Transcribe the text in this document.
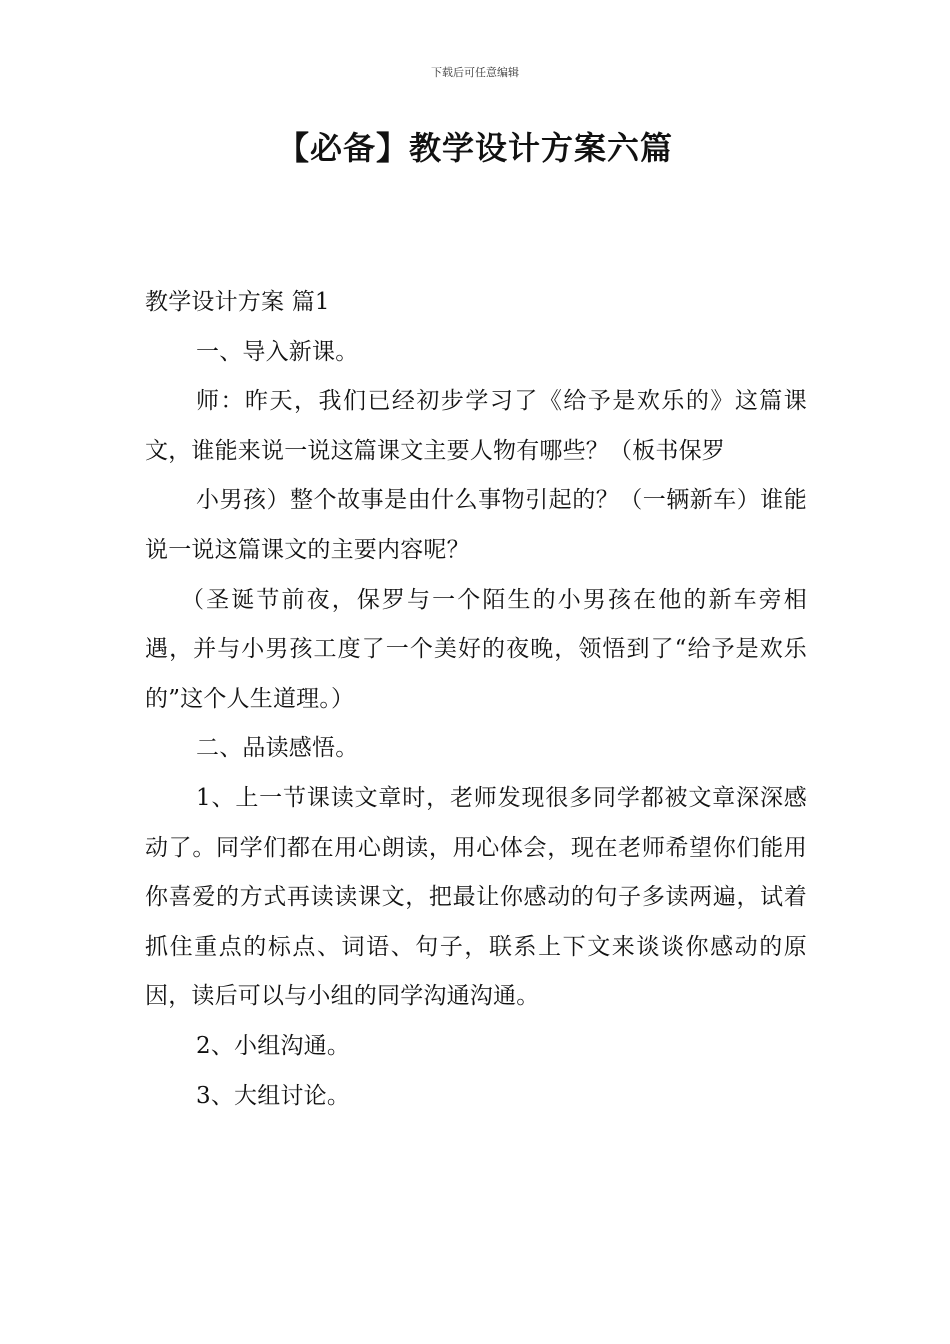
下载后可任意编辑
【必备】教学设计方案六篇

教学设计方案 篇1

一、导入新课。

师：昨天，我们已经初步学习了《给予是欢乐的》这篇课文，谁能来说一说这篇课文主要人物有哪些？（板书保罗

小男孩）整个故事是由什么事物引起的？（一辆新车）谁能说一说这篇课文的主要内容呢？

（圣诞节前夜，保罗与一个陌生的小男孩在他的新车旁相遇，并与小男孩工度了一个美好的夜晚，领悟到了“给予是欢乐的”这个人生道理。）

二、品读感悟。

1、上一节课读文章时，老师发现很多同学都被文章深深感动了。同学们都在用心朗读，用心体会，现在老师希望你们能用你喜爱的方式再读读课文，把最让你感动的句子多读两遍，试着抓住重点的标点、词语、句子，联系上下文来谈谈你感动的原因，读后可以与小组的同学沟通沟通。

2、小组沟通。

3、大组讨论。
